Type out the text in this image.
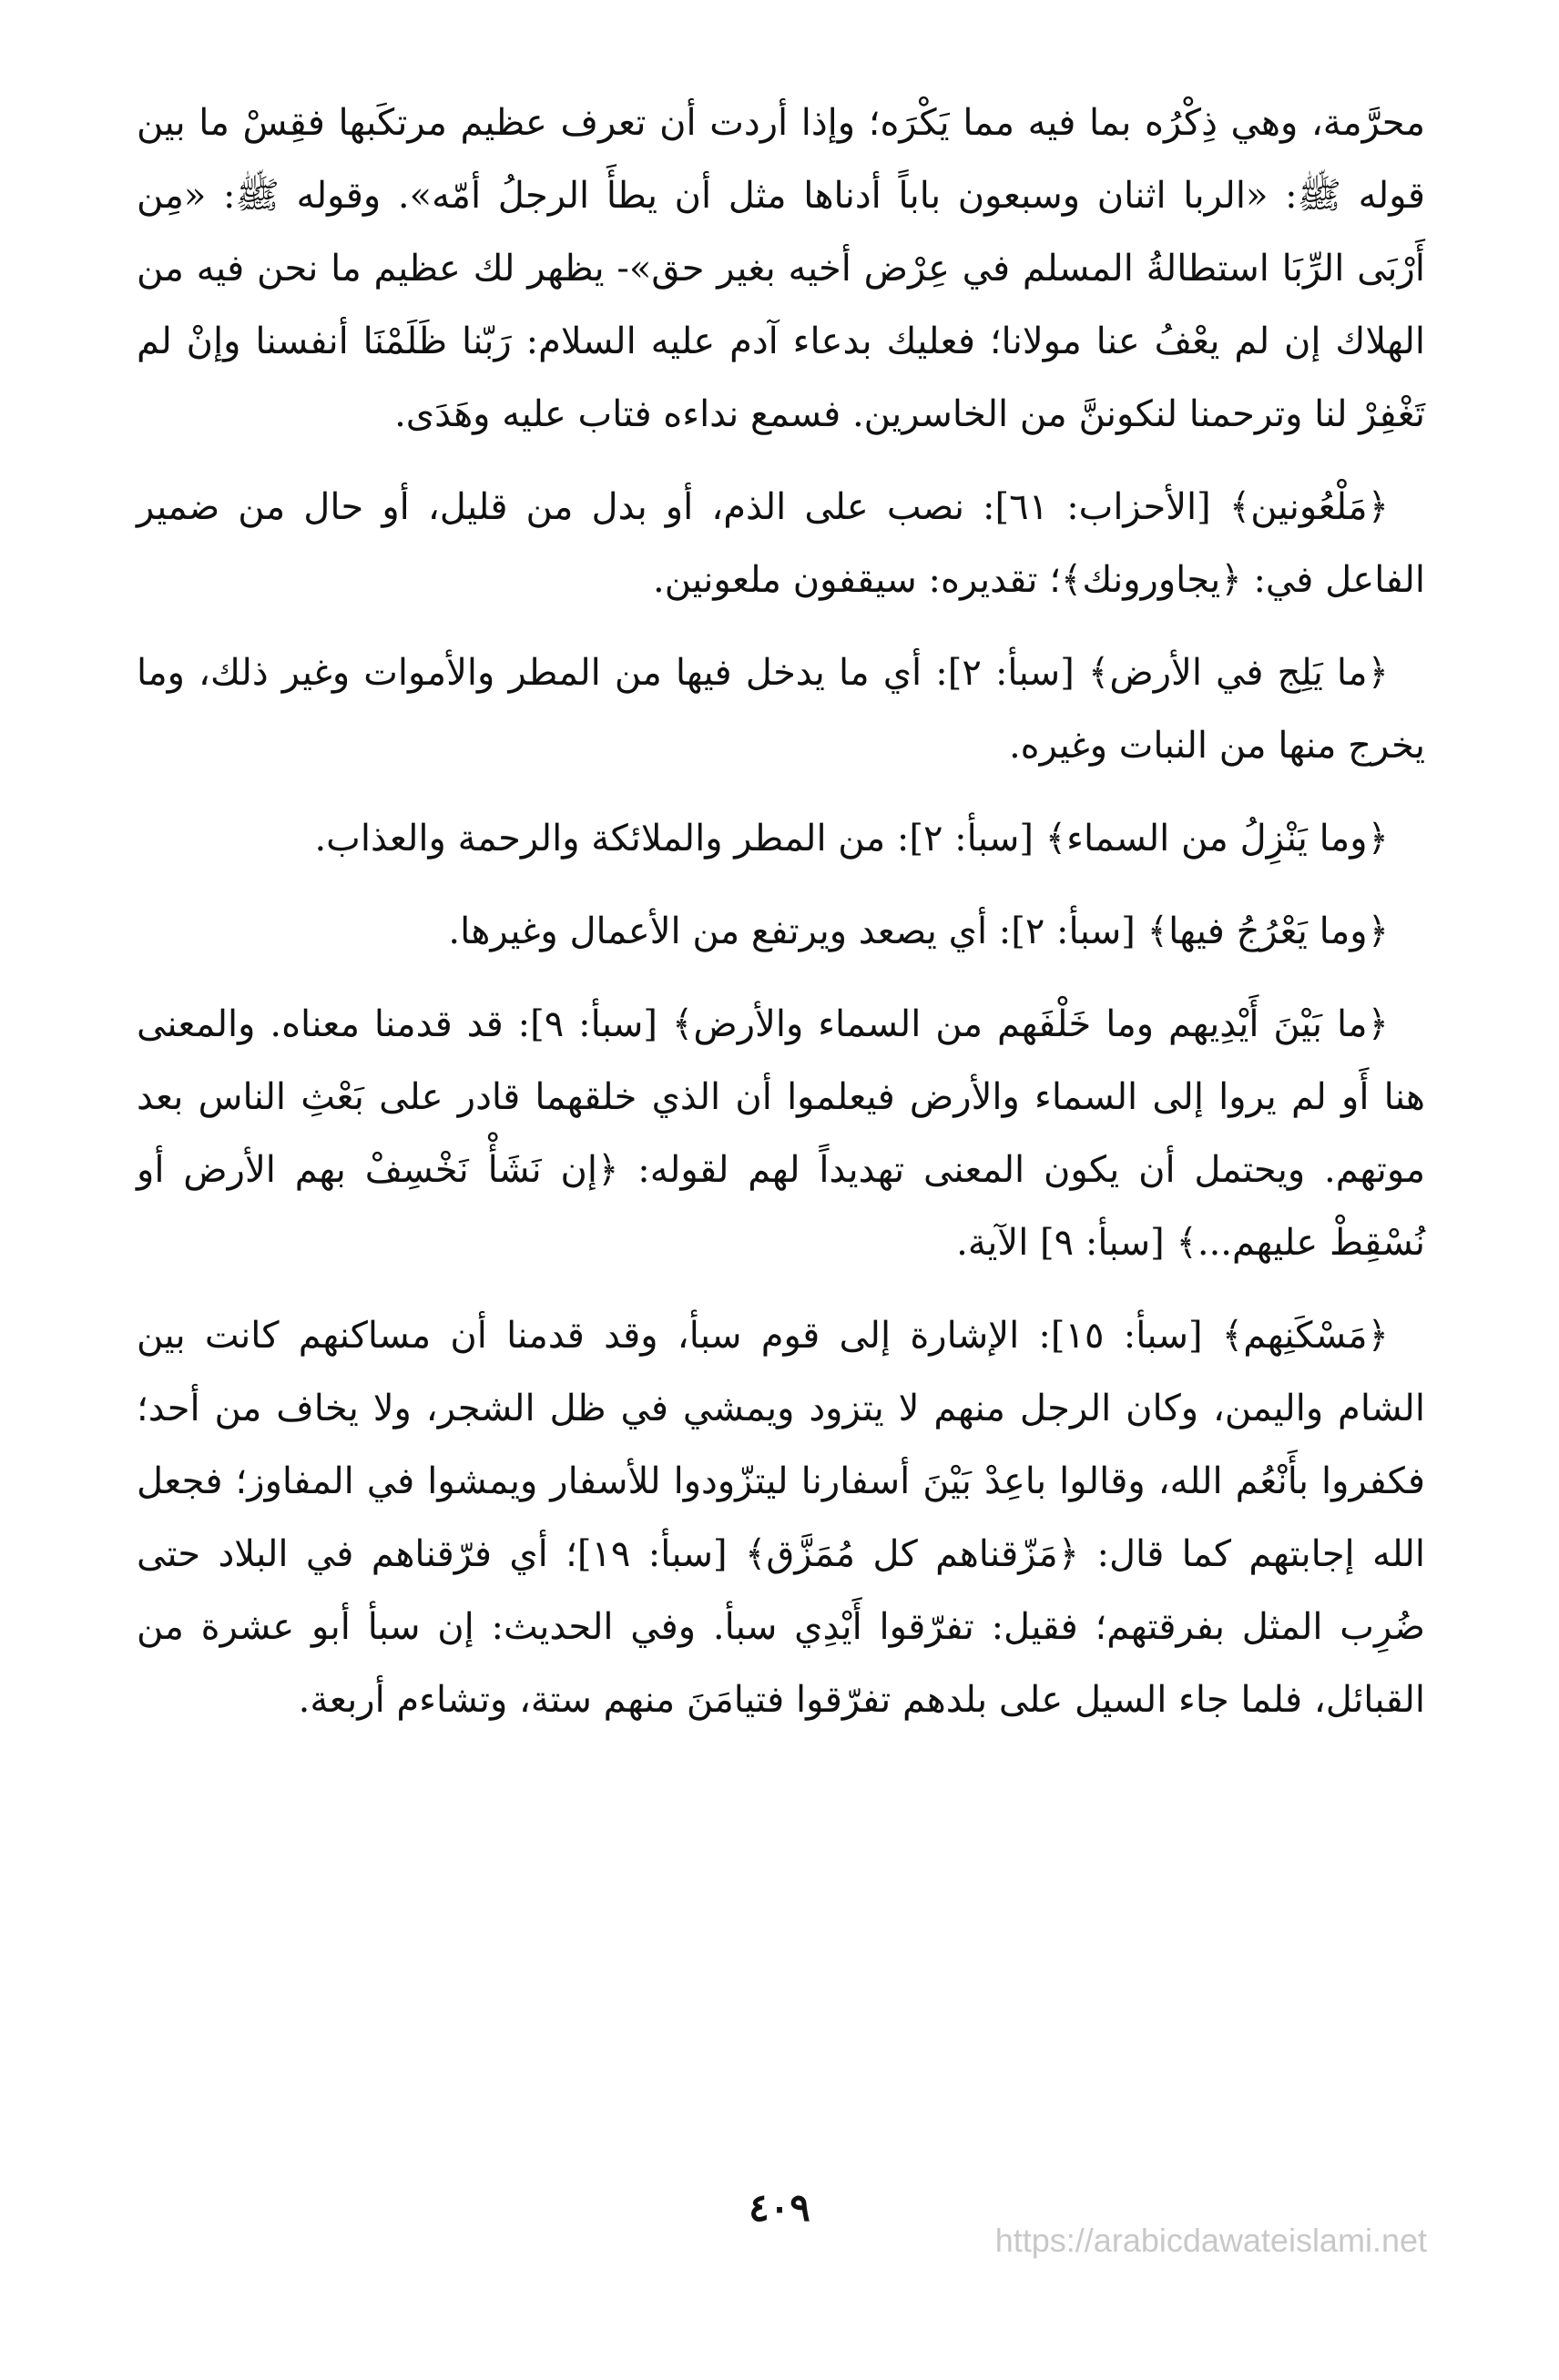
محرَّمة، وهي ذِكْرُه بما فيه مما يَكْرَه؛ وإذا أردت أن تعرف عظيم مرتكَبها فقِسْ ما بين قوله ﷺ: «الربا اثنان وسبعون باباً أدناها مثل أن يطأَ الرجلُ أمّه». وقوله ﷺ: «مِن أَرْبَى الرِّبَا استطالةُ المسلم في عِرْض أخيه بغير حق»- يظهر لك عظيم ما نحن فيه من الهلاك إن لم يعْفُ عنا مولانا؛ فعليك بدعاء آدم عليه السلام: رَبّنا ظَلَمْنَا أنفسنا وإنْ لم تَغْفِرْ لنا وترحمنا لنكوننَّ من الخاسرين. فسمع نداءه فتاب عليه وهَدَى.

﴿مَلْعُونين﴾ [الأحزاب: ٦١]: نصب على الذم، أو بدل من قليل، أو حال من ضمير الفاعل في: ﴿يجاورونك﴾؛ تقديره: سيقفون ملعونين.

﴿ما يَلِج في الأرض﴾ [سبأ: ٢]: أي ما يدخل فيها من المطر والأموات وغير ذلك، وما يخرج منها من النبات وغيره.

﴿وما يَنْزِلُ من السماء﴾ [سبأ: ٢]: من المطر والملائكة والرحمة والعذاب.

﴿وما يَعْرُجُ فيها﴾ [سبأ: ٢]: أي يصعد ويرتفع من الأعمال وغيرها.

﴿ما بَيْنَ أَيْدِيهم وما خَلْفَهم من السماء والأرض﴾ [سبأ: ٩]: قد قدمنا معناه. والمعنى هنا أَو لم يروا إلى السماء والأرض فيعلموا أن الذي خلقهما قادر على بَعْثِ الناس بعد موتهم. ويحتمل أن يكون المعنى تهديداً لهم لقوله: ﴿إن نَشَأْ نَخْسِفْ بهم الأرض أو نُسْقِطْ عليهم...﴾ [سبأ: ٩] الآية.

﴿مَسْكَنِهم﴾ [سبأ: ١٥]: الإشارة إلى قوم سبأ، وقد قدمنا أن مساكنهم كانت بين الشام واليمن، وكان الرجل منهم لا يتزود ويمشي في ظل الشجر، ولا يخاف من أحد؛ فكفروا بأَنْعُم الله، وقالوا باعِدْ بَيْنَ أسفارنا ليتزّودوا للأسفار ويمشوا في المفاوز؛ فجعل الله إجابتهم كما قال: ﴿مَزّقناهم كل مُمَزَّق﴾ [سبأ: ١٩]؛ أي فرّقناهم في البلاد حتى ضُرِب المثل بفرقتهم؛ فقيل: تفرّقوا أَيْدِي سبأ. وفي الحديث: إن سبأ أبو عشرة من القبائل، فلما جاء السيل على بلدهم تفرّقوا فتيامَنَ منهم ستة، وتشاءم أربعة.

٤٠٩
https://arabicdawateislami.net
